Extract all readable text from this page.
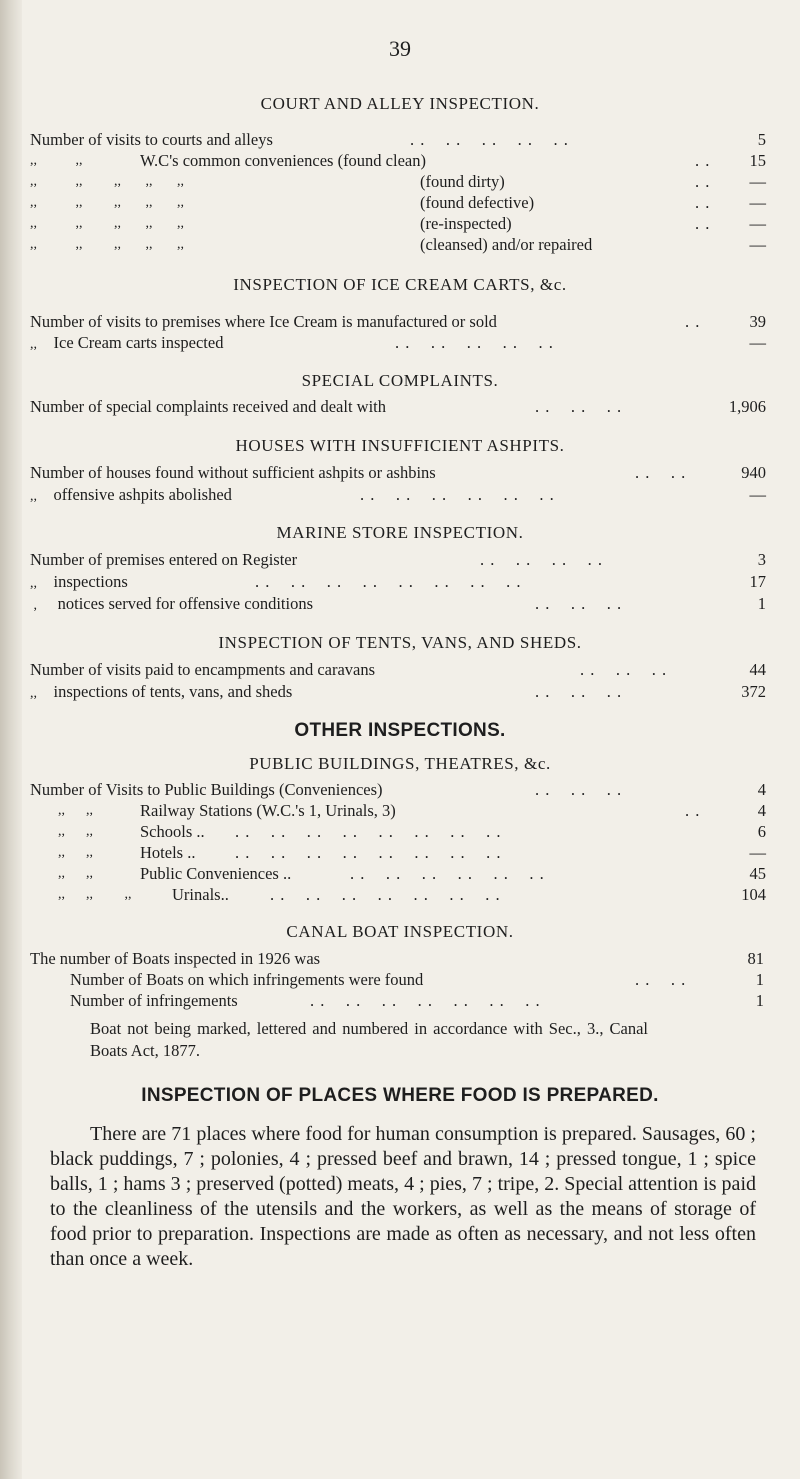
39
COURT AND ALLEY INSPECTION.
Number of visits to courts and alleys	. .    . .    . .    . .    . .	5
,,           ,,	W.C's common conveniences (found clean)	. . 15
,,           ,,         ,,       ,,       ,,	(found dirty)	. . —
,,           ,,         ,,       ,,       ,,	(found defective)	. . —
,,           ,,         ,,       ,,       ,,	(re-inspected)	. . —
,,           ,,         ,,       ,,       ,,	(cleansed) and/or repaired	—
INSPECTION OF ICE CREAM CARTS, &c.
Number of visits to premises where Ice Cream is manufactured or sold	. .	39
,,    Ice Cream carts inspected	. .    . .    . .    . .    . .	—
SPECIAL COMPLAINTS.
Number of special complaints received and dealt with	. .    . .    . .	1,906
HOUSES WITH INSUFFICIENT ASHPITS.
Number of houses found without sufficient ashpits or ashbins	. .    . .	940
,,    offensive ashpits abolished	. .    . .    . .    . .    . .    . .	—
MARINE STORE INSPECTION.
Number of premises entered on Register	. .    . .    . .    . .	3
,,    inspections	. .    . .    . .    . .    . .    . .    . .    . .	17
,     notices served for offensive conditions	. .    . .    . .	1
INSPECTION OF TENTS, VANS, AND SHEDS.
Number of visits paid to encampments and caravans	. .    . .    . .	44
,,    inspections of tents, vans, and sheds	. .    . .    . .	372
OTHER INSPECTIONS.
PUBLIC BUILDINGS, THEATRES, &c.
Number of Visits to Public Buildings (Conveniences)	. .    . .    . .	4
,,      ,,	Railway Stations (W.C.'s 1, Urinals, 3)	. .	4
,,      ,,	Schools .. . .    . .    . .    . .    . .    . .    . .    . .	6
,,      ,,	Hotels .. . .    . .    . .    . .    . .    . .    . .    . .	—
,,      ,,	Public Conveniences ..	. .    . .    . .    . .    . .    . .	45
,,      ,,         ,, Urinals.. . .    . .    . .    . .    . .    . .    . .	104
CANAL BOAT INSPECTION.
The number of Boats inspected in 1926 was	81
Number of Boats on which infringements were found	. .    . .	1
Number of infringements	. .    . .    . .    . .    . .    . .    . .	1
Boat not being marked, lettered and numbered in accordance with Sec., 3., Canal Boats Act, 1877.
INSPECTION OF PLACES WHERE FOOD IS PREPARED.
There are 71 places where food for human consumption is prepared. Sausages, 60 ; black puddings, 7 ; polonies, 4 ; pressed beef and brawn, 14 ; pressed tongue, 1 ; spice balls, 1 ; hams 3 ; preserved (potted) meats, 4 ; pies, 7 ; tripe, 2. Special attention is paid to the cleanliness of the utensils and the workers, as well as the means of storage of food prior to preparation. Inspections are made as often as necessary, and not less often than once a week.
